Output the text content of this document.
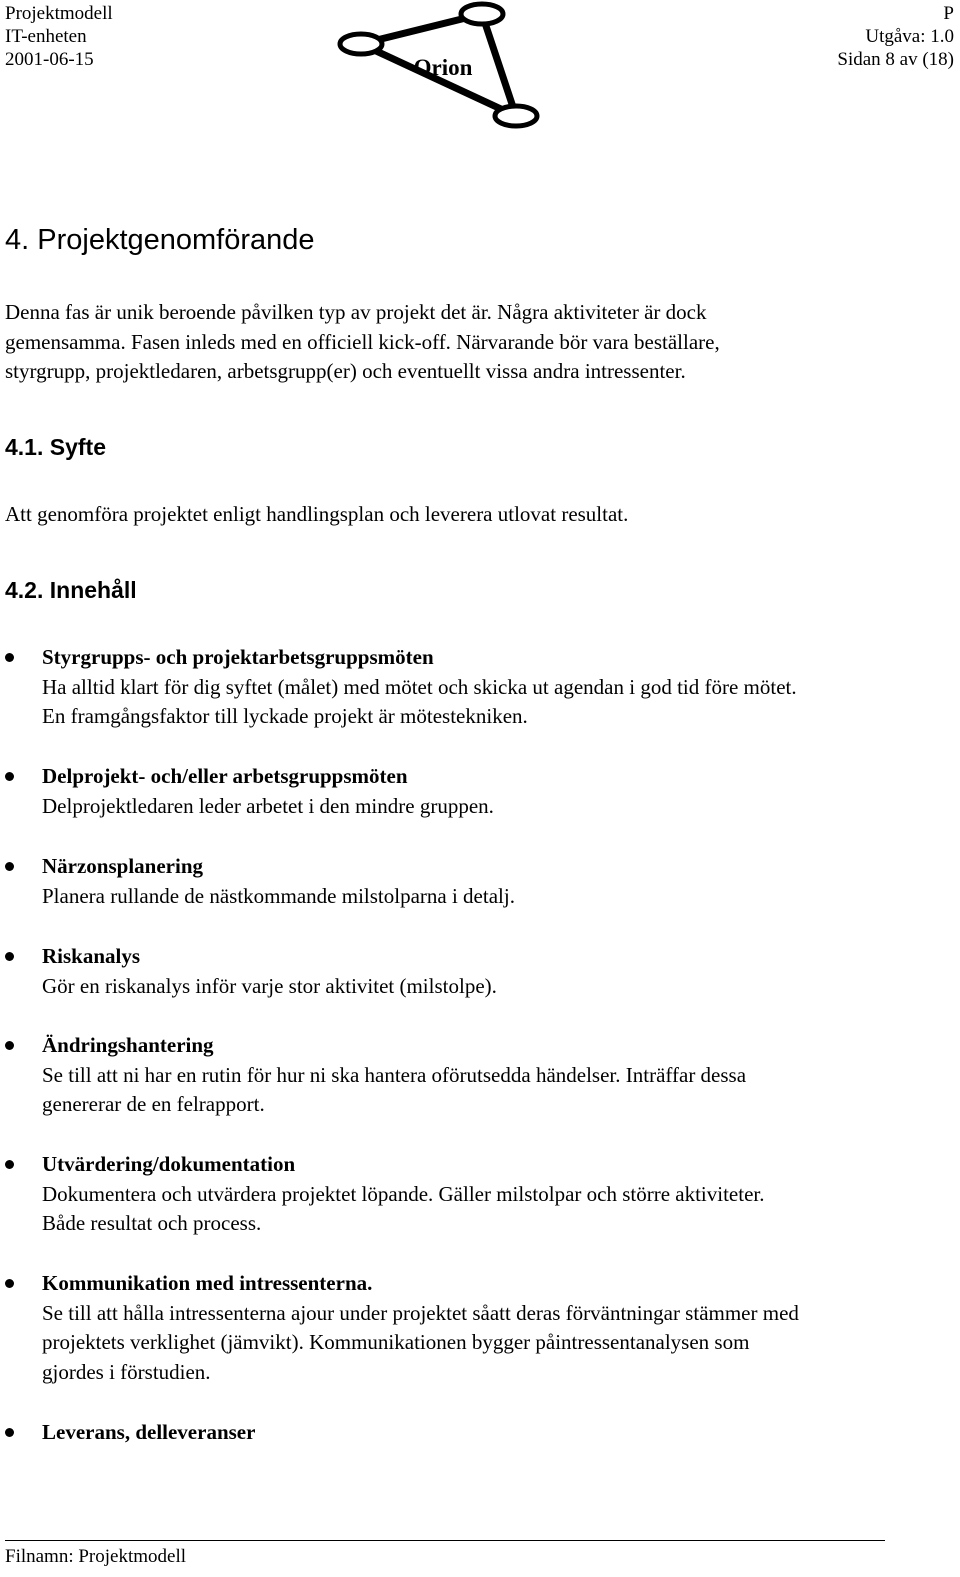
Projektmodell
IT-enheten
2001-06-15	Orion
P
Utgåva: 1.0
Sidan 8 av (18)
4. Projektgenomförande
Denna fas är unik beroende påvilken typ av projekt det är. Några aktiviteter är dock
gemensamma. Fasen inleds med en officiell kick-off. Närvarande bör vara beställare,
styrgrupp, projektledaren, arbetsgrupp(er) och eventuellt vissa andra intressenter.
4.1. Syfte
Att genomföra projektet enligt handlingsplan och leverera utlovat resultat.
4.2. Innehåll
Styrgrupps- och projektarbetsgruppsmöten
Ha alltid klart för dig syftet (målet) med mötet och skicka ut agendan i god tid före mötet.
En framgångsfaktor till lyckade projekt är mötestekniken.
Delprojekt- och/eller arbetsgruppsmöten
Delprojektledaren leder arbetet i den mindre gruppen.
Närzonsplanering
Planera rullande de nästkommande milstolparna i detalj.
Riskanalys
Gör en riskanalys inför varje stor aktivitet (milstolpe).
Ändringshantering
Se till att ni har en rutin för hur ni ska hantera oförutsedda händelser. Inträffar dessa
genererar de en felrapport.
Utvärdering/dokumentation
Dokumentera och utvärdera projektet löpande. Gäller milstolpar och större aktiviteter.
Både resultat och process.
Kommunikation med intressenterna.
Se till att hålla intressenterna ajour under projektet såatt deras förväntningar stämmer med
projektets verklighet (jämvikt). Kommunikationen bygger påintressentanalysen som
gjordes i förstudien.
Leverans, delleveranser
Filnamn: Projektmodell
